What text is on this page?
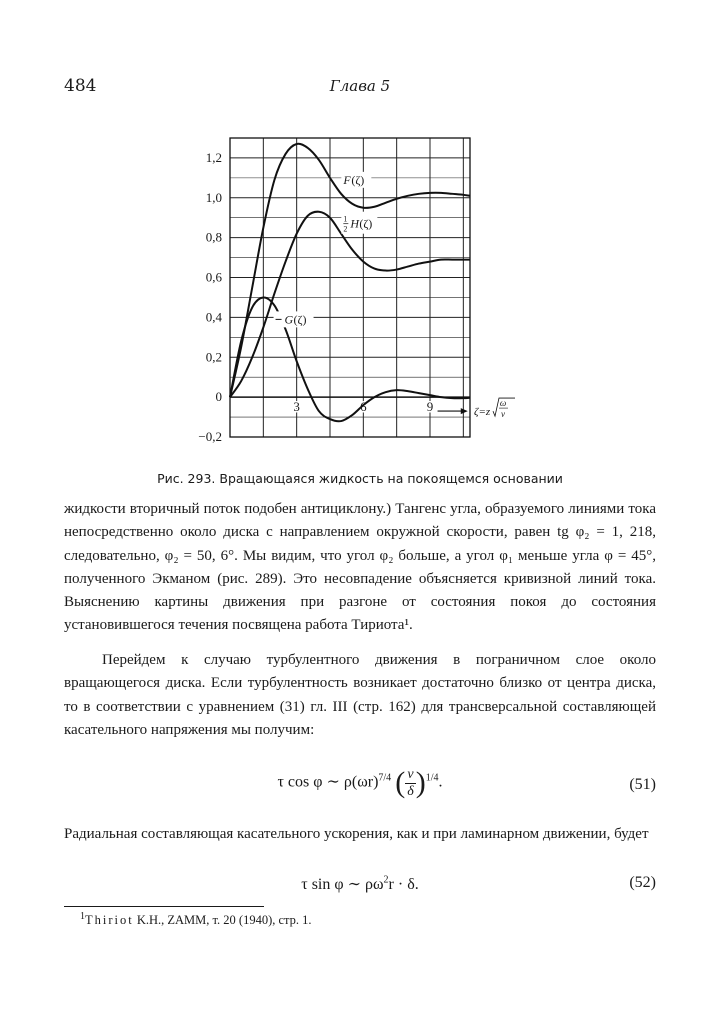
484	Глава 5
1,2
1,0
0,8
0,6
0,4
0,2
0
−0,2
3	6	9
F (ζ)
1
2 H (ζ)
G (ζ)
ζ=z
ω
ν
Рис. 293. Вращающаяся жидкость на покоящемся основании
жидкости вторичный поток подобен антициклону.) Тангенс угла, образуемого линиями тока непосредственно около диска с направлением окружной скорости, равен tg φ₂ = 1, 218, следовательно, φ₂ = 50, 6°. Мы видим, что угол φ₂ больше, а угол φ₁ меньше угла φ = 45°, полученного Экманом (рис. 289). Это несовпадение объясняется кривизной линий тока. Выяснению картины движения при разгоне от состояния покоя до состояния установившегося течения посвящена работа Тириота¹.
Перейдем к случаю турбулентного движения в пограничном слое около вращающегося диска. Если турбулентность возникает достаточно близко от центра диска, то в соответствии с уравнением (31) гл. III (стр. 162) для трансверсальной составляющей касательного напряжения мы получим:
τ cos φ ∼ $\rho(\omega r)^{7/4}$ ( $\frac{\nu}{\delta} )^{1/4}$.	(51)
Радиальная составляющая касательного ускорения, как и при ламинарном движении, будет
τ sin φ ∼ $\rho\omega^2r \cdot \delta$.	(52)
$^1$Thiriot K.H., ZAMM, т. 20 (1940), стр. 1.
